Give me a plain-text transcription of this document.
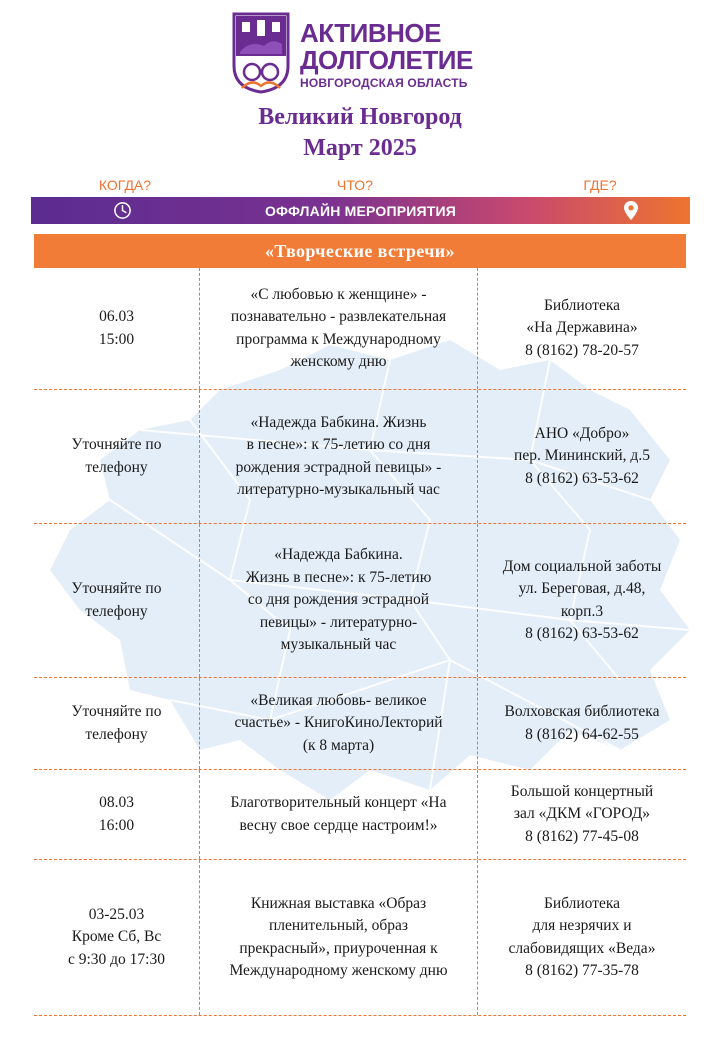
АКТИВНОЕ
ДОЛГОЛЕТИЕ
НОВГОРОДСКАЯ ОБЛАСТЬ
Великий Новгород
Март 2025
КОГДА?	ЧТО?	ГДЕ?
ОФФЛАЙН МЕРОПРИЯТИЯ
«Творческие встречи»
06.03
15:00
«С любовью к женщине» -
познавательно - развлекательная
программа к Международному
женскому дню
Библиотека
«На Державина»
8 (8162) 78-20-57
Уточняйте по
телефону
«Надежда Бабкина. Жизнь
в песне»: к 75-летию со дня
рождения эстрадной певицы» -
литературно-музыкальный час
АНО «Добро»
пер. Мининский, д.5
8 (8162) 63-53-62
Уточняйте по
телефону
«Надежда Бабкина.
Жизнь в песне»: к 75-летию
со дня рождения эстрадной
певицы» - литературно-
музыкальный час
Дом социальной заботы
ул. Береговая, д.48,
корп.3
8 (8162) 63-53-62
Уточняйте по
телефону
«Великая любовь- великое
счастье» - КнигоКиноЛекторий
(к 8 марта)
Волховская библиотека
8 (8162) 64-62-55
08.03
16:00
Благотворительный концерт «На
весну свое сердце настроим!»
Большой концертный
зал «ДКМ «ГОРОД»
8 (8162) 77-45-08
03-25.03
Кроме Сб, Вс
с 9:30 до 17:30
Книжная выставка «Образ
пленительный, образ
прекрасный», приуроченная к
Международному женскому дню
Библиотека
для незрячих и
слабовидящих «Веда»
8 (8162) 77-35-78
